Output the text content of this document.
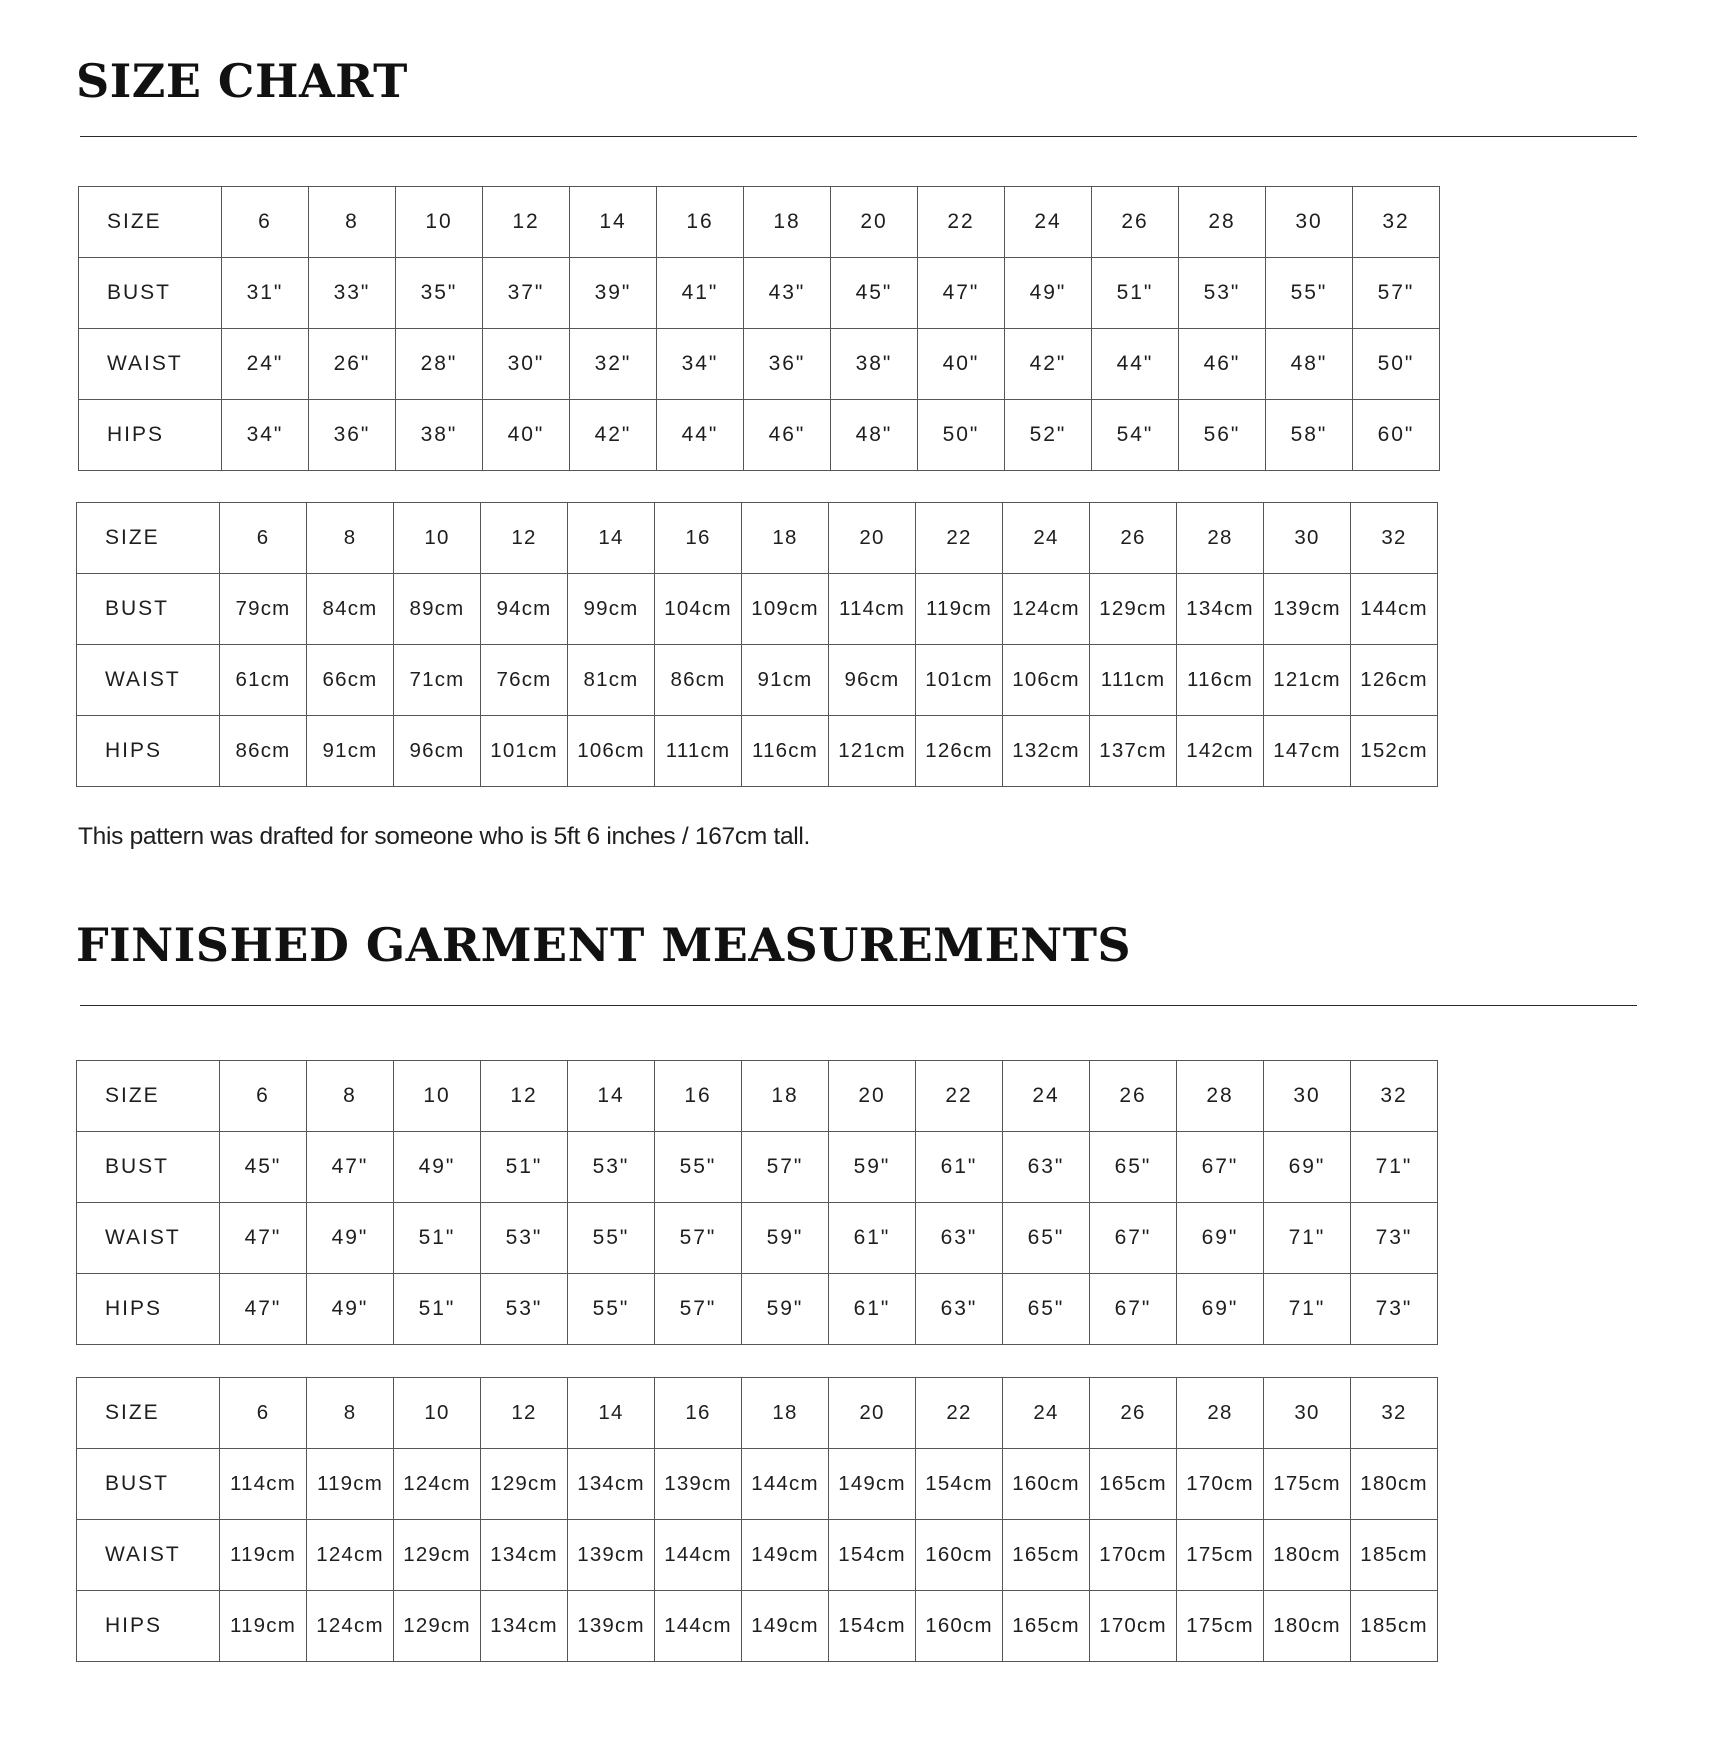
SIZE CHART
SIZE	6	8	10	12	14	16	18	20	22	24	26	28	30	32
BUST	31"	33"	35"	37"	39"	41"	43"	45"	47"	49"	51"	53"	55"	57"
WAIST	24"	26"	28"	30"	32"	34"	36"	38"	40"	42"	44"	46"	48"	50"
HIPS	34"	36"	38"	40"	42"	44"	46"	48"	50"	52"	54"	56"	58"	60"
SIZE	6	8	10	12	14	16	18	20	22	24	26	28	30	32
BUST	79cm	84cm	89cm	94cm	99cm	104cm	109cm	114cm	119cm	124cm	129cm	134cm	139cm	144cm
WAIST	61cm	66cm	71cm	76cm	81cm	86cm	91cm	96cm	101cm	106cm	111cm	116cm	121cm	126cm
HIPS	86cm	91cm	96cm	101cm	106cm	111cm	116cm	121cm	126cm	132cm	137cm	142cm	147cm	152cm

This pattern was drafted for someone who is 5ft 6 inches / 167cm tall.

FINISHED GARMENT MEASUREMENTS
SIZE	6	8	10	12	14	16	18	20	22	24	26	28	30	32
BUST	45"	47"	49"	51"	53"	55"	57"	59"	61"	63"	65"	67"	69"	71"
WAIST	47"	49"	51"	53"	55"	57"	59"	61"	63"	65"	67"	69"	71"	73"
HIPS	47"	49"	51"	53"	55"	57"	59"	61"	63"	65"	67"	69"	71"	73"
SIZE	6	8	10	12	14	16	18	20	22	24	26	28	30	32
BUST	114cm	119cm	124cm	129cm	134cm	139cm	144cm	149cm	154cm	160cm	165cm	170cm	175cm	180cm
WAIST	119cm	124cm	129cm	134cm	139cm	144cm	149cm	154cm	160cm	165cm	170cm	175cm	180cm	185cm
HIPS	119cm	124cm	129cm	134cm	139cm	144cm	149cm	154cm	160cm	165cm	170cm	175cm	180cm	185cm
